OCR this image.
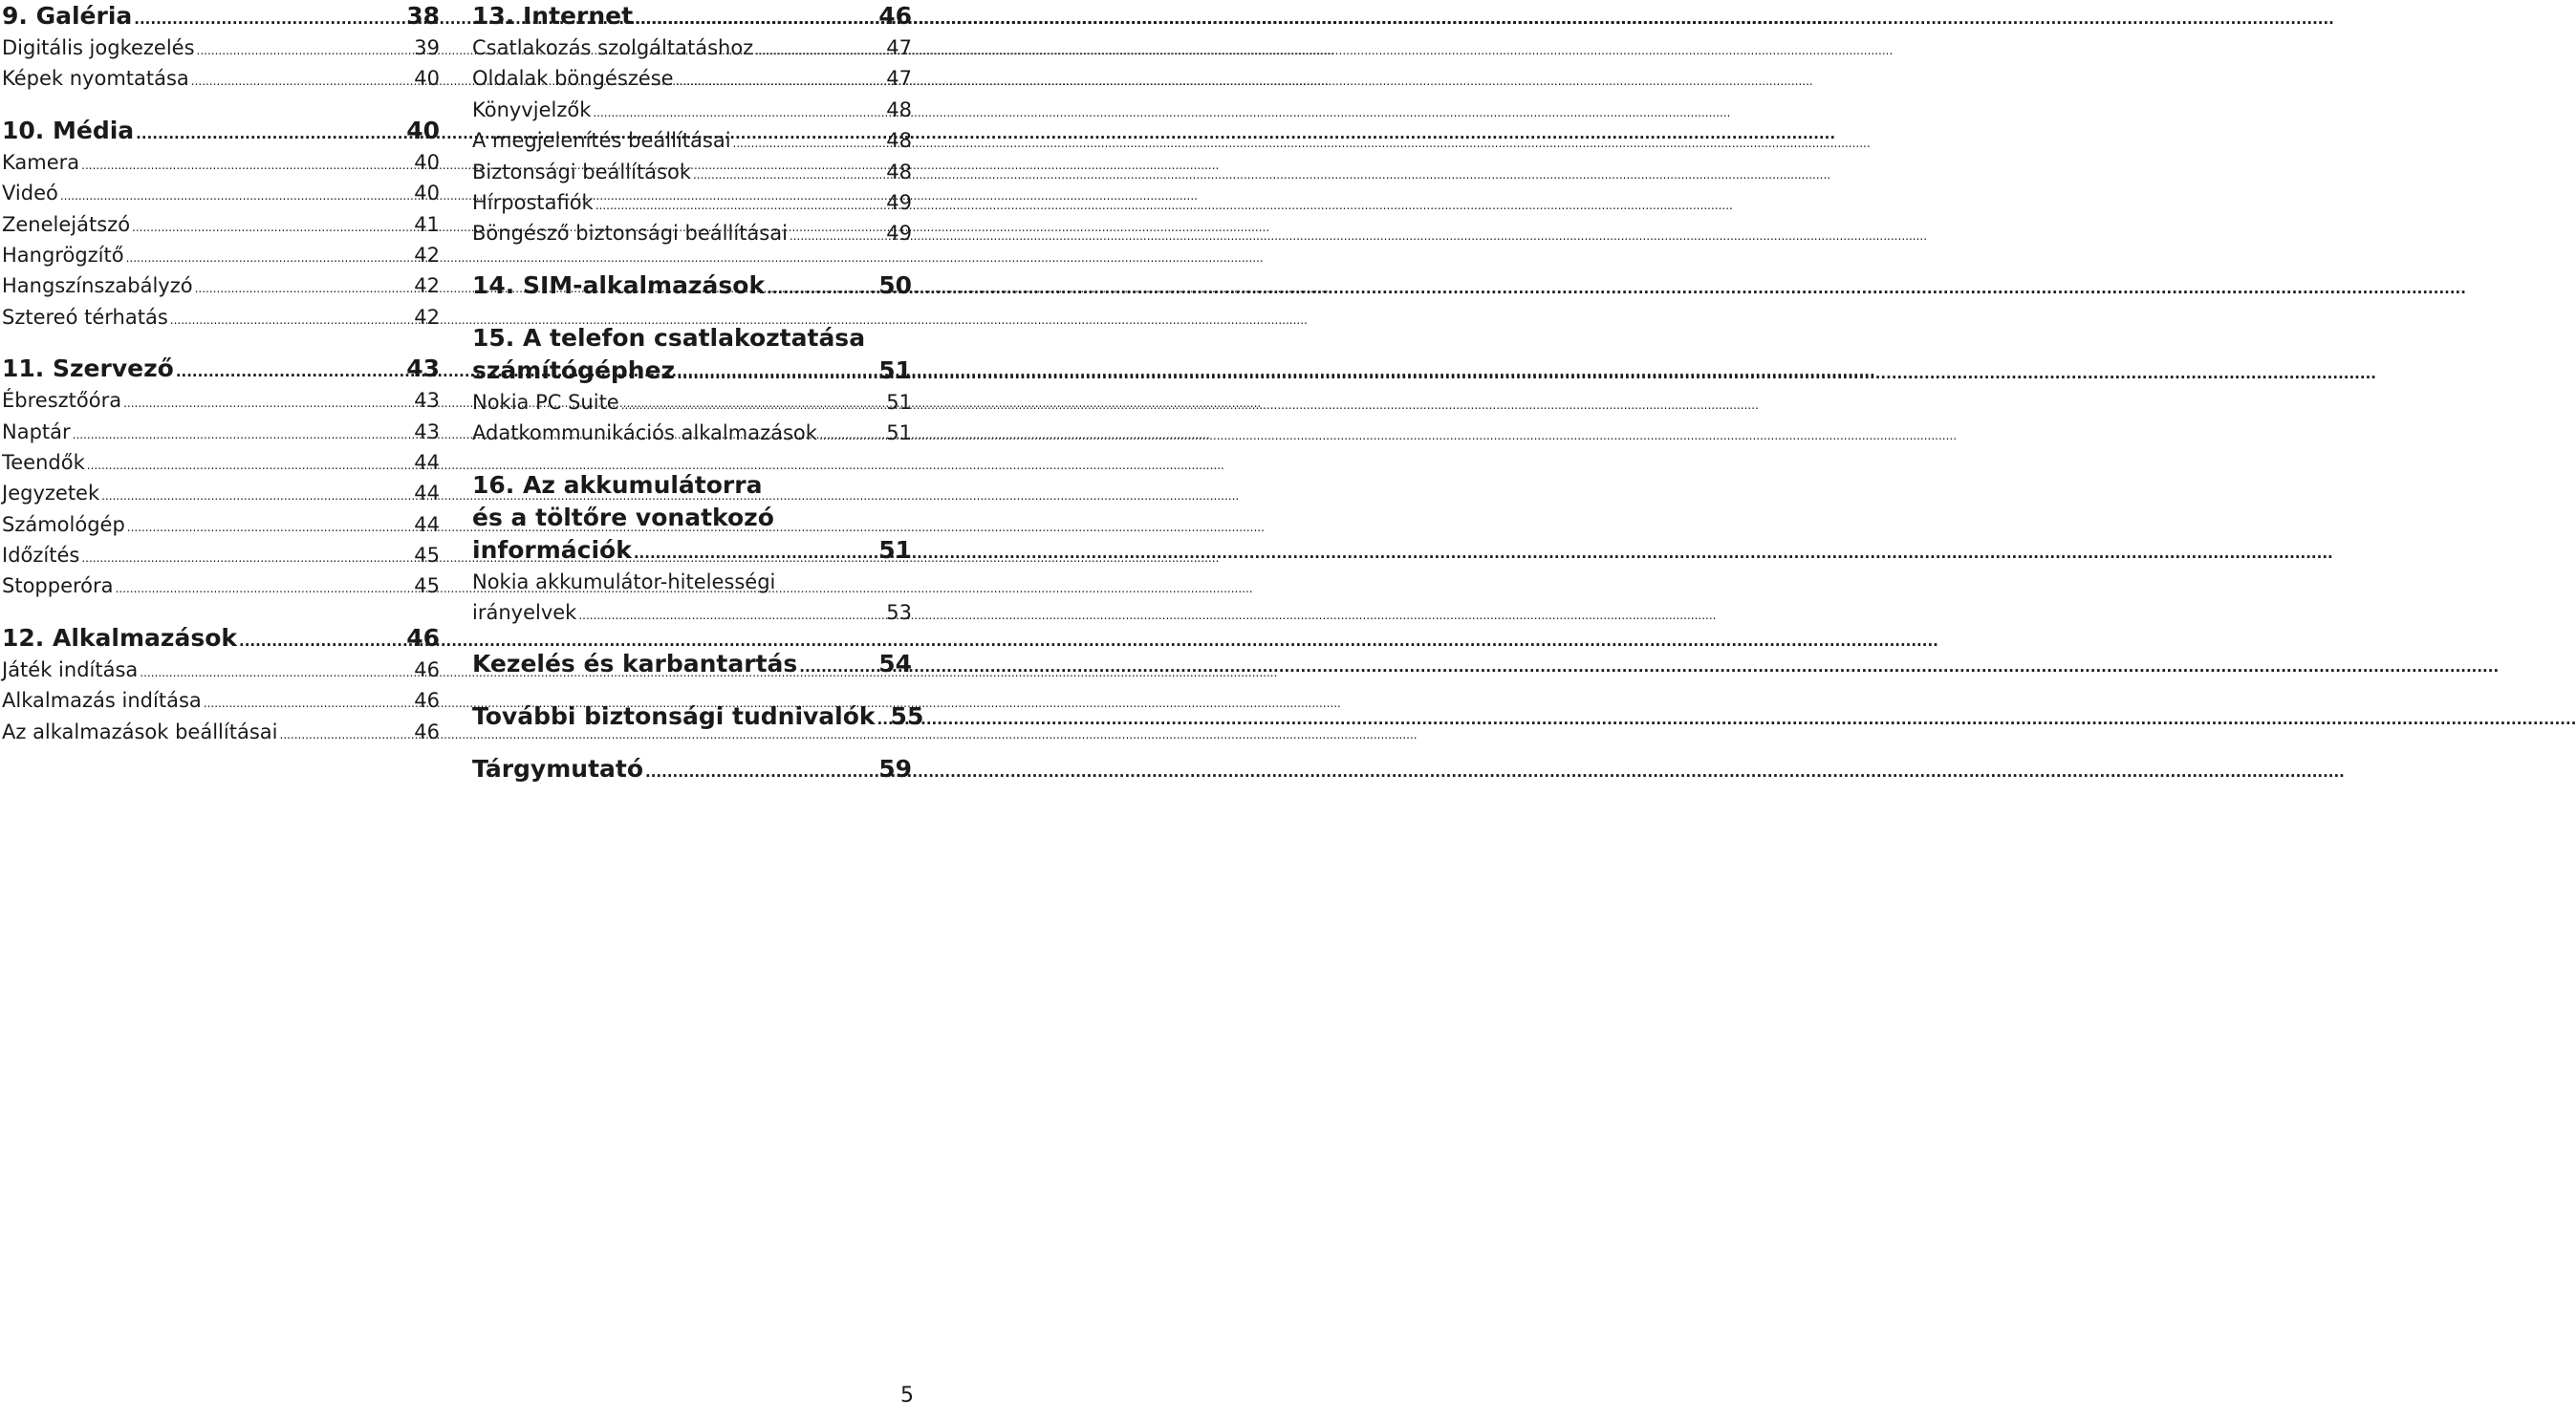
9. Galéria .....	38
Digitális jogkezelés .....	39
Képek nyomtatása .....	40
10. Média .....	40
Kamera .....	40
Videó .....	40
Zenelejátszó .....	41
Hangrögzítő .....	42
Hangszínszabályzó .....	42
Sztereó térhatás .....	42
11. Szervező .....	43
Ébresztőóra .....	43
Naptár .....	43
Teendők .....	44
Jegyzetek .....	44
Számológép .....	44
Időzítés .....	45
Stopperóra .....	45
12. Alkalmazások .....	46
Játék indítása .....	46
Alkalmazás indítása .....	46
Az alkalmazások beállításai .....	46
13. Internet .....	46
Csatlakozás szolgáltatáshoz .....	47
Oldalak böngészése .....	47
Könyvjelzők .....	48
A megjelenítés beállításai .....	48
Biztonsági beállítások .....	48
Hírpostafiók .....	49
Böngésző biztonsági beállításai .....	49
14. SIM-alkalmazások .....	50
15. A telefon csatlakoztatása
számítógéphez .....	51
Nokia PC Suite .....	51
Adatkommunikációs alkalmazások .....	51
16. Az akkumulátorra
és a töltőre vonatkozó
információk .....	51
Nokia akkumulátor-hitelességi
irányelvek .....	53
Kezelés és karbantartás .....	54
További biztonsági tudnivalók ..... 55
Tárgymutató .....	59
5
